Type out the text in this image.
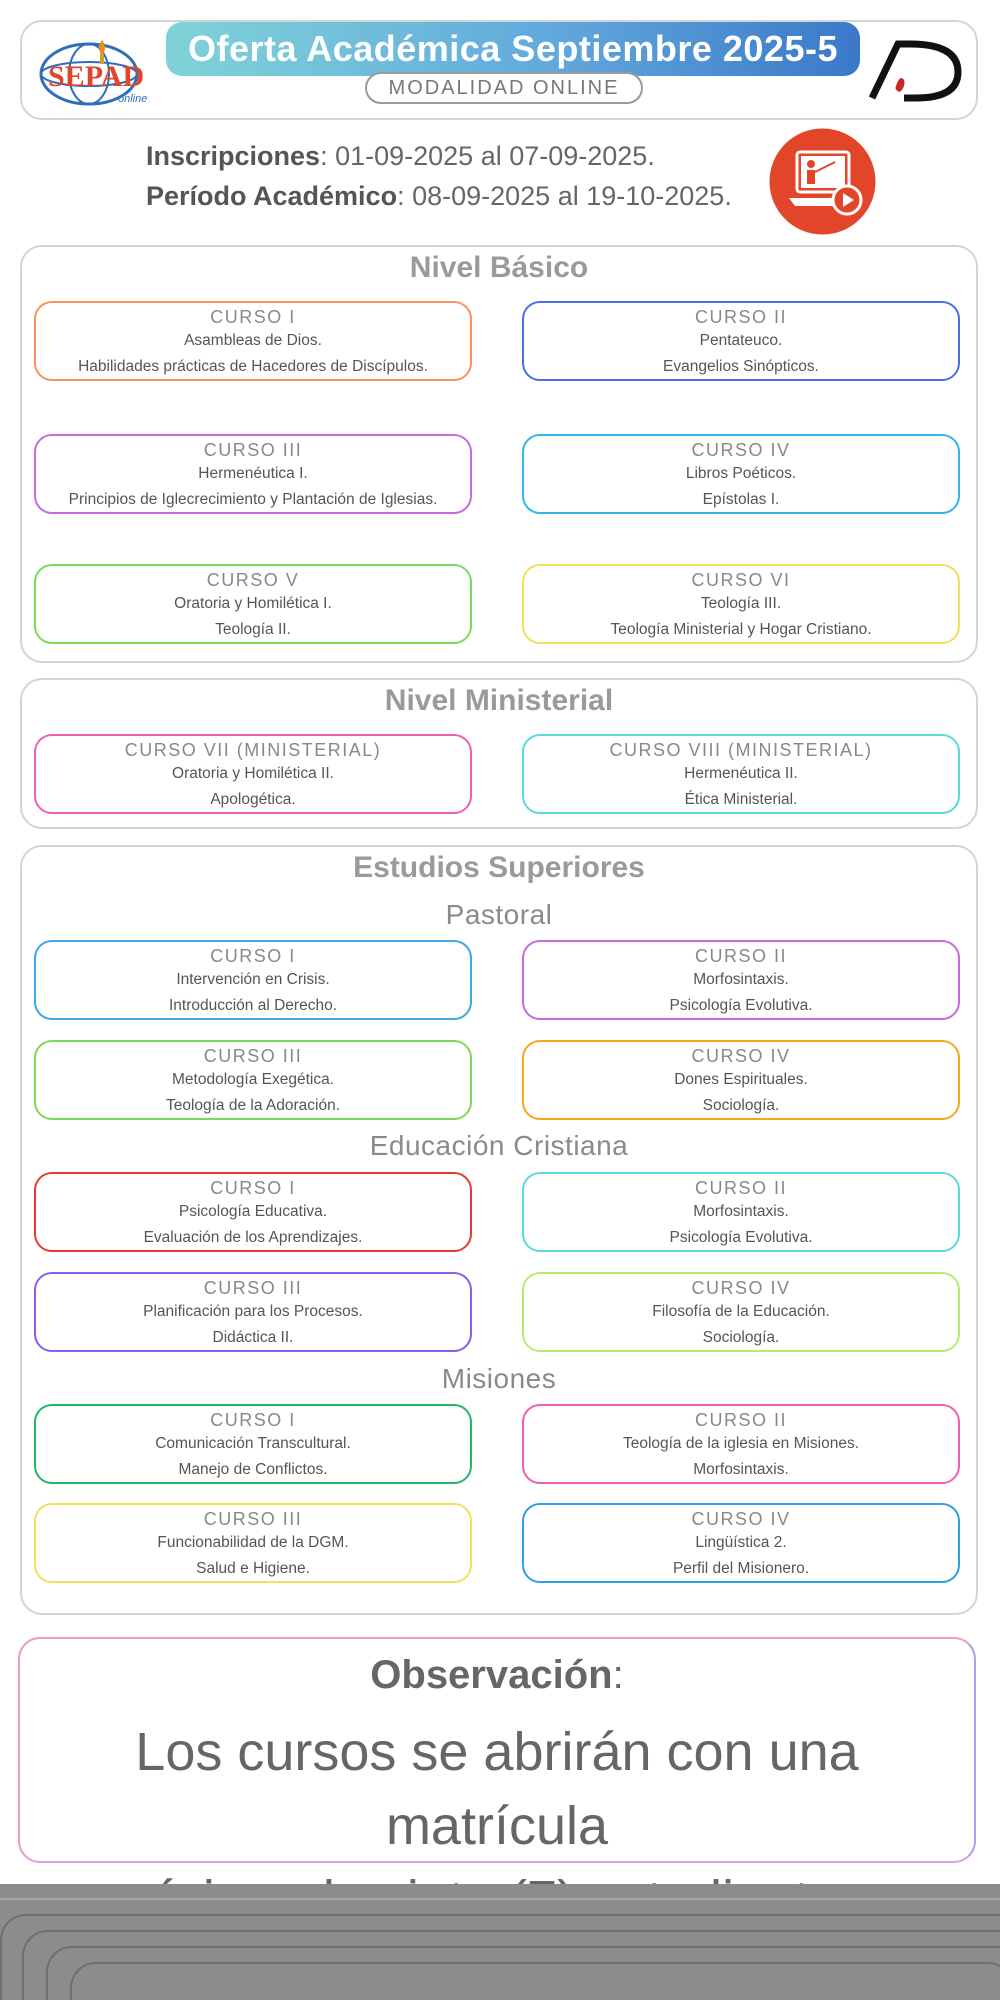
SEPAD
online
Oferta Académica Septiembre 2025-5
MODALIDAD ONLINE
Inscripciones: 01-09-2025 al 07-09-2025.
Período Académico: 08-09-2025 al 19-10-2025.
Nivel Básico
CURSO I
Asambleas de Dios.
Habilidades prácticas de Hacedores de Discípulos.
CURSO II
Pentateuco.
Evangelios Sinópticos.
CURSO III
Hermenéutica I.
Principios de Iglecrecimiento y Plantación de Iglesias.
CURSO IV
Libros Poéticos.
Epístolas I.
CURSO V
Oratoria y Homilética I.
Teología II.
CURSO VI
Teología III.
Teología Ministerial y Hogar Cristiano.
Nivel Ministerial
CURSO VII (MINISTERIAL)
Oratoria y Homilética II.
Apologética.
CURSO VIII (MINISTERIAL)
Hermenéutica II.
Ética Ministerial.
Estudios Superiores
Pastoral
CURSO I
Intervención en Crisis.
Introducción al Derecho.
CURSO II
Morfosintaxis.
Psicología Evolutiva.
CURSO III
Metodología Exegética.
Teología de la Adoración.
CURSO IV
Dones Espirituales.
Sociología.
Educación Cristiana
CURSO I
Psicología Educativa.
Evaluación de los Aprendizajes.
CURSO II
Morfosintaxis.
Psicología Evolutiva.
CURSO III
Planificación para los Procesos.
Didáctica II.
CURSO IV
Filosofía de la Educación.
Sociología.
Misiones
CURSO I
Comunicación Transcultural.
Manejo de Conflictos.
CURSO II
Teología de la iglesia en Misiones.
Morfosintaxis.
CURSO III
Funcionabilidad de la DGM.
Salud e Higiene.
CURSO IV
Lingüística 2.
Perfil del Misionero.
Observación:
Los cursos se abrirán con una matrícula
